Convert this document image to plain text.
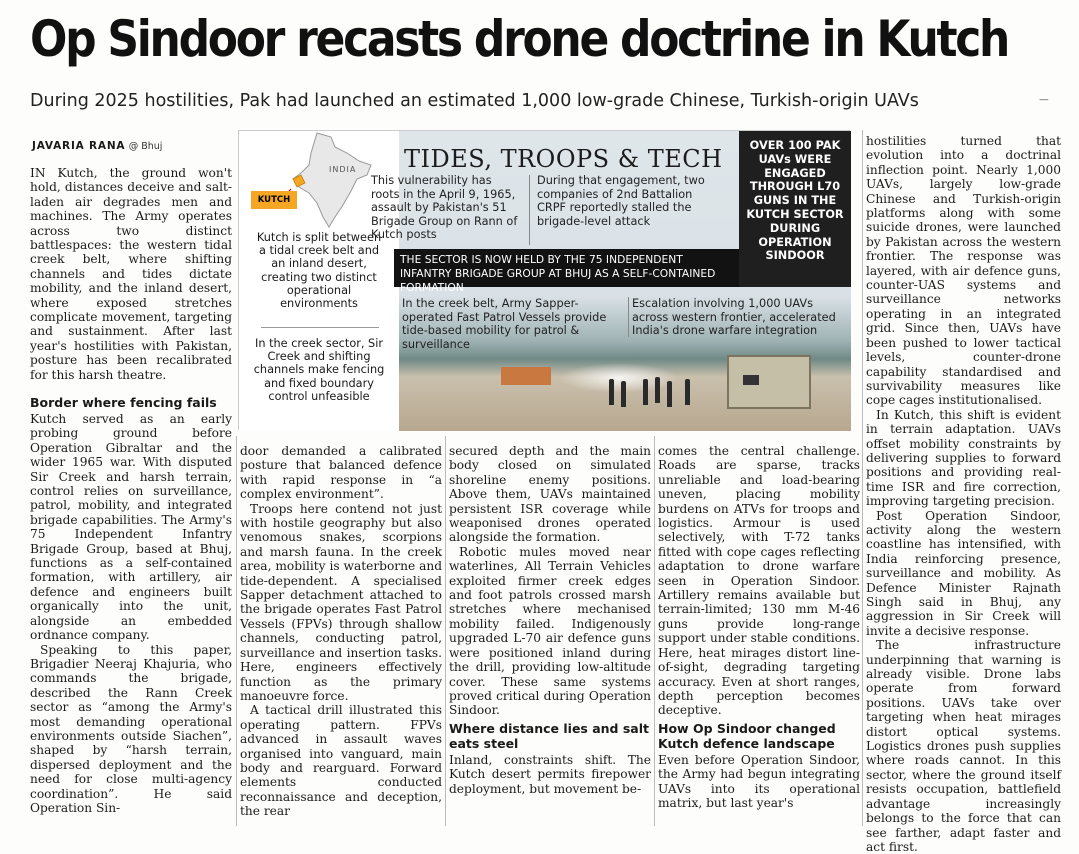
Op Sindoor recasts drone doctrine in Kutch
During 2025 hostilities, Pak had launched an estimated 1,000 low-grade Chinese, Turkish-origin UAVs	−
JAVARIA RANA @ Bhuj

IN Kutch, the ground won't hold, distances deceive and salt-laden air degrades men and machines. The Army operates across two distinct battlespaces: the western tidal creek belt, where shifting channels and tides dictate mobility, and the inland desert, where exposed stretches complicate movement, targeting and sustainment. After last year's hostilities with Pakistan, posture has been recalibrated for this harsh theatre.

Border where fencing fails

Kutch served as an early probing ground before Operation Gibraltar and the wider 1965 war. With disputed Sir Creek and harsh terrain, control relies on surveillance, patrol, mobility, and integrated brigade capabilities. The Army's 75 Independent Infantry Brigade Group, based at Bhuj, functions as a self-contained formation, with artillery, air defence and engineers built organically into the unit, alongside an embedded ordnance company.

Speaking to this paper, Brigadier Neeraj Khajuria, who commands the brigade, described the Rann Creek sector as “among the Army's most demanding operational environments outside Siachen”, shaped by “harsh terrain, dispersed deployment and the need for close multi-agency coordination”. He said Operation Sin-

INDIA
KUTCH
Kutch is split between a tidal creek belt and an inland desert, creating two distinct operational environments
In the creek sector, Sir Creek and shifting channels make fencing and fixed boundary control unfeasible
TIDES, TROOPS & TECH
This vulnerability has roots in the April 9, 1965, assault by Pakistan's 51 Brigade Group on Rann of Kutch posts
During that engagement, two companies of 2nd Battalion CRPF reportedly stalled the brigade-level attack
THE SECTOR IS NOW HELD BY THE 75 INDEPENDENT INFANTRY BRIGADE GROUP AT BHUJ AS A SELF-CONTAINED FORMATION
OVER 100 PAK UAVs WERE ENGAGED THROUGH L70 GUNS IN THE KUTCH SECTOR DURING OPERATION SINDOOR
In the creek belt, Army Sapper-operated Fast Patrol Vessels provide tide-based mobility for patrol & surveillance
Escalation involving 1,000 UAVs across western frontier, accelerated India's drone warfare integration

door demanded a calibrated posture that balanced defence with rapid response in “a complex environment”.

Troops here contend not just with hostile geography but also venomous snakes, scorpions and marsh fauna. In the creek area, mobility is waterborne and tide-dependent. A specialised Sapper detachment attached to the brigade operates Fast Patrol Vessels (FPVs) through shallow channels, conducting patrol, surveillance and insertion tasks. Here, engineers effectively function as the primary manoeuvre force.

A tactical drill illustrated this operating pattern. FPVs advanced in assault waves organised into vanguard, main body and rearguard. Forward elements conducted reconnaissance and deception, the rear

secured depth and the main body closed on simulated shoreline enemy positions. Above them, UAVs maintained persistent ISR coverage while weaponised drones operated alongside the formation.

Robotic mules moved near waterlines, All Terrain Vehicles exploited firmer creek edges and foot patrols crossed marsh stretches where mechanised mobility failed. Indigenously upgraded L-70 air defence guns were positioned inland during the drill, providing low-altitude cover. These same systems proved critical during Operation Sindoor.

Where distance lies and salt eats steel

Inland, constraints shift. The Kutch desert permits firepower deployment, but movement be-

comes the central challenge. Roads are sparse, tracks unreliable and load-bearing uneven, placing mobility burdens on ATVs for troops and logistics. Armour is used selectively, with T-72 tanks fitted with cope cages reflecting adaptation to drone warfare seen in Operation Sindoor. Artillery remains available but terrain-limited; 130 mm M-46 guns provide long-range support under stable conditions. Here, heat mirages distort line-of-sight, degrading targeting accuracy. Even at short ranges, depth perception becomes deceptive.

How Op Sindoor changed Kutch defence landscape

Even before Operation Sindoor, the Army had begun integrating UAVs into its operational matrix, but last year's

hostilities turned that evolution into a doctrinal inflection point. Nearly 1,000 UAVs, largely low-grade Chinese and Turkish-origin platforms along with some suicide drones, were launched by Pakistan across the western frontier. The response was layered, with air defence guns, counter-UAS systems and surveillance networks operating in an integrated grid. Since then, UAVs have been pushed to lower tactical levels, counter-drone capability standardised and survivability measures like cope cages institutionalised.

In Kutch, this shift is evident in terrain adaptation. UAVs offset mobility constraints by delivering supplies to forward positions and providing real-time ISR and fire correction, improving targeting precision.

Post Operation Sindoor, activity along the western coastline has intensified, with India reinforcing presence, surveillance and mobility. As Defence Minister Rajnath Singh said in Bhuj, any aggression in Sir Creek will invite a decisive response.

The infrastructure underpinning that warning is already visible. Drone labs operate from forward positions. UAVs take over targeting when heat mirages distort optical systems. Logistics drones push supplies where roads cannot. In this sector, where the ground itself resists occupation, battlefield advantage increasingly belongs to the force that can see farther, adapt faster and act first.
